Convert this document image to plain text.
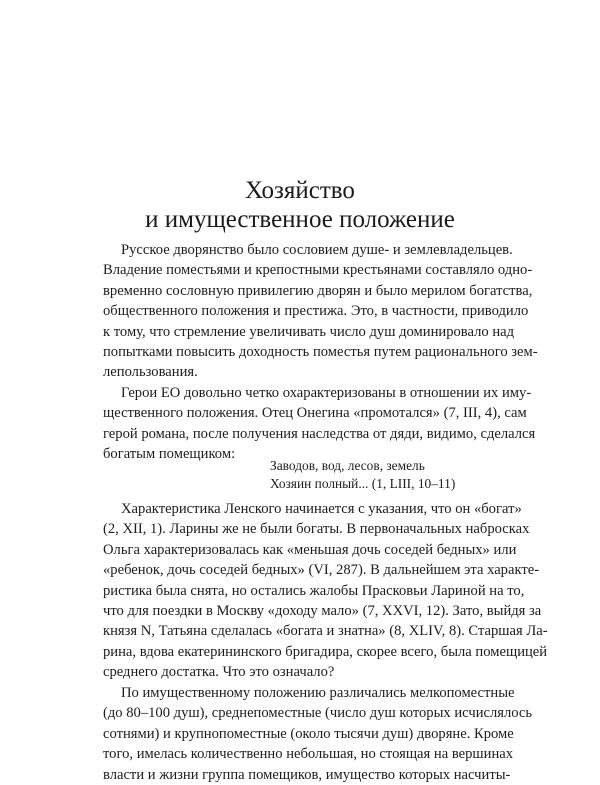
Хозяйство
и имущественное положение
Русское дворянство было сословием душе- и землевладельцев.
Владение поместьями и крепостными крестьянами составляло одно-
временно сословную привилегию дворян и было мерилом богатства,
общественного положения и престижа. Это, в частности, приводило
к тому, что стремление увеличивать число душ доминировало над
попытками повысить доходность поместья путем рационального зем-
лепользования.
Герои ЕО довольно четко охарактеризованы в отношении их иму-
щественного положения. Отец Онегина «промотался» (7, III, 4), сам
герой романа, после получения наследства от дяди, видимо, сделался
богатым помещиком:
Заводов, вод, лесов, земель
Хозяин полный... (1, LIII, 10–11)
Характеристика Ленского начинается с указания, что он «богат»
(2, XII, 1). Ларины же не были богаты. В первоначальных набросках
Ольга характеризовалась как «меньшая дочь соседей бедных» или
«ребенок, дочь соседей бедных» (VI, 287). В дальнейшем эта характе-
ристика была снята, но остались жалобы Прасковьи Лариной на то,
что для поездки в Москву «доходу мало» (7, XXVI, 12). Зато, выйдя за
князя N, Татьяна сделалась «богата и знатна» (8, XLIV, 8). Старшая Ла-
рина, вдова екатерининского бригадира, скорее всего, была помещицей
среднего достатка. Что это означало?
По имущественному положению различались мелкопоместные
(до 80–100 душ), среднепоместные (число душ которых исчислялось
сотнями) и крупнопоместные (около тысячи душ) дворяне. Кроме
того, имелась количественно небольшая, но стоящая на вершинах
власти и жизни группа помещиков, имущество которых насчиты-
